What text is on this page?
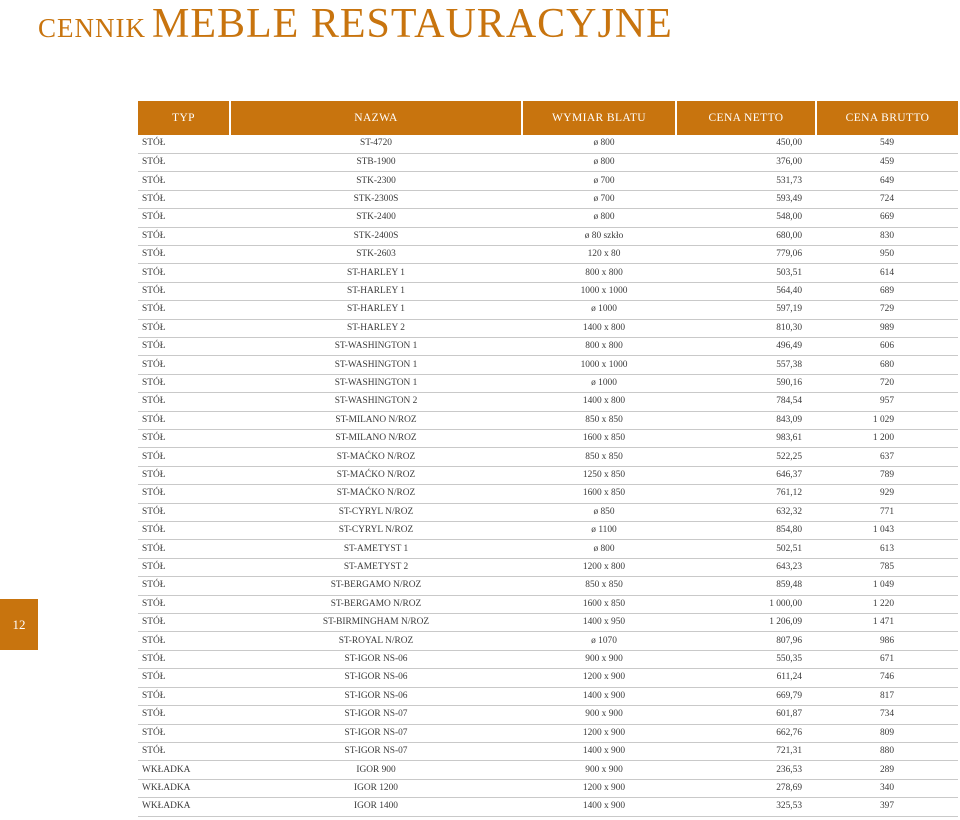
CENNIK MEBLE RESTAURACYJNE
12
TYP	NAZWA	WYMIAR BLATU	CENA NETTO	CENA BRUTTO
STÓŁ	ST-4720	ø 800	450,00	549
STÓŁ	STB-1900	ø 800	376,00	459
STÓŁ	STK-2300	ø 700	531,73	649
STÓŁ	STK-2300S	ø 700	593,49	724
STÓŁ	STK-2400	ø 800	548,00	669
STÓŁ	STK-2400S	ø 80 szkło	680,00	830
STÓŁ	STK-2603	120 x 80	779,06	950
STÓŁ	ST-HARLEY 1	800 x 800	503,51	614
STÓŁ	ST-HARLEY 1	1000 x 1000	564,40	689
STÓŁ	ST-HARLEY 1	ø 1000	597,19	729
STÓŁ	ST-HARLEY 2	1400 x 800	810,30	989
STÓŁ	ST-WASHINGTON 1	800 x 800	496,49	606
STÓŁ	ST-WASHINGTON 1	1000 x 1000	557,38	680
STÓŁ	ST-WASHINGTON 1	ø 1000	590,16	720
STÓŁ	ST-WASHINGTON 2	1400 x 800	784,54	957
STÓŁ	ST-MILANO N/ROZ	850 x 850	843,09	1 029
STÓŁ	ST-MILANO N/ROZ	1600 x 850	983,61	1 200
STÓŁ	ST-MAĆKO N/ROZ	850 x 850	522,25	637
STÓŁ	ST-MAĆKO N/ROZ	1250 x 850	646,37	789
STÓŁ	ST-MAĆKO N/ROZ	1600 x 850	761,12	929
STÓŁ	ST-CYRYL N/ROZ	ø 850	632,32	771
STÓŁ	ST-CYRYL N/ROZ	ø 1100	854,80	1 043
STÓŁ	ST-AMETYST 1	ø 800	502,51	613
STÓŁ	ST-AMETYST 2	1200 x 800	643,23	785
STÓŁ	ST-BERGAMO N/ROZ	850 x 850	859,48	1 049
STÓŁ	ST-BERGAMO N/ROZ	1600 x 850	1 000,00	1 220
STÓŁ	ST-BIRMINGHAM N/ROZ	1400 x 950	1 206,09	1 471
STÓŁ	ST-ROYAL N/ROZ	ø 1070	807,96	986
STÓŁ	ST-IGOR NS-06	900 x 900	550,35	671
STÓŁ	ST-IGOR NS-06	1200 x 900	611,24	746
STÓŁ	ST-IGOR NS-06	1400 x 900	669,79	817
STÓŁ	ST-IGOR NS-07	900 x 900	601,87	734
STÓŁ	ST-IGOR NS-07	1200 x 900	662,76	809
STÓŁ	ST-IGOR NS-07	1400 x 900	721,31	880
WKŁADKA	IGOR 900	900 x 900	236,53	289
WKŁADKA	IGOR 1200	1200 x 900	278,69	340
WKŁADKA	IGOR 1400	1400 x 900	325,53	397
